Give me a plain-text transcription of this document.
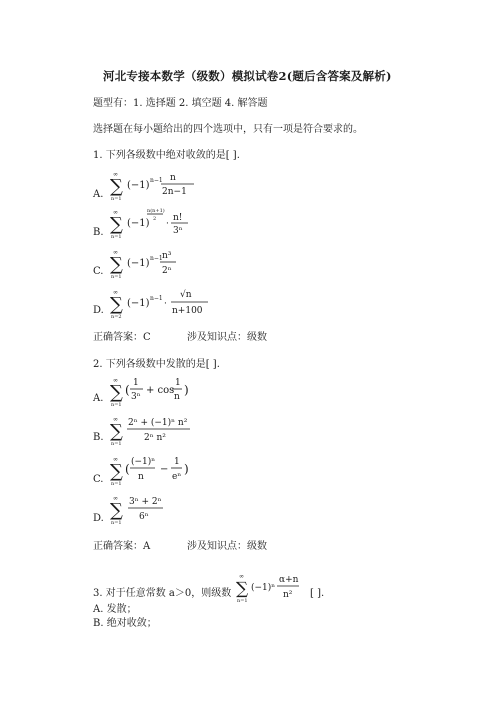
河北专接本数学（级数）模拟试卷2(题后含答案及解析)
题型有：1. 选择题 2. 填空题 4. 解答题
选择题在每小题给出的四个选项中，只有一项是符合要求的。
1. 下列各级数中绝对收敛的是[ ].
A.
∞
∑
n=1
(−1) n−1 n
2n−1
B.
∞
∑
n=1
(−1)
n(n+1)
2 ·
n!
3ⁿ
C.
∞
∑
n=1
(−1) n−1 n³
2ⁿ
D.
∞
∑
n=2
(−1) n−1
·
√n
n+100
正确答案：C	涉及知识点：级数
2. 下列各级数中发散的是[ ].
A.
∞
∑
n=1
( 1
3ⁿ
+ cos
1
n )
B.
∞
∑
n=1
2ⁿ + (−1)ⁿ n²
2ⁿ n²
C.
∞
∑
n=1
( (−1)ⁿ
n
−
1
eⁿ
)
D.
∞
∑
n=1
3ⁿ + 2ⁿ
6ⁿ
正确答案：A	涉及知识点：级数
3. 对于任意常数 a＞0，则级数
∞
∑
n=1
(−1)ⁿ
α+n
n² [ ].
A. 发散；
B. 绝对收敛；
